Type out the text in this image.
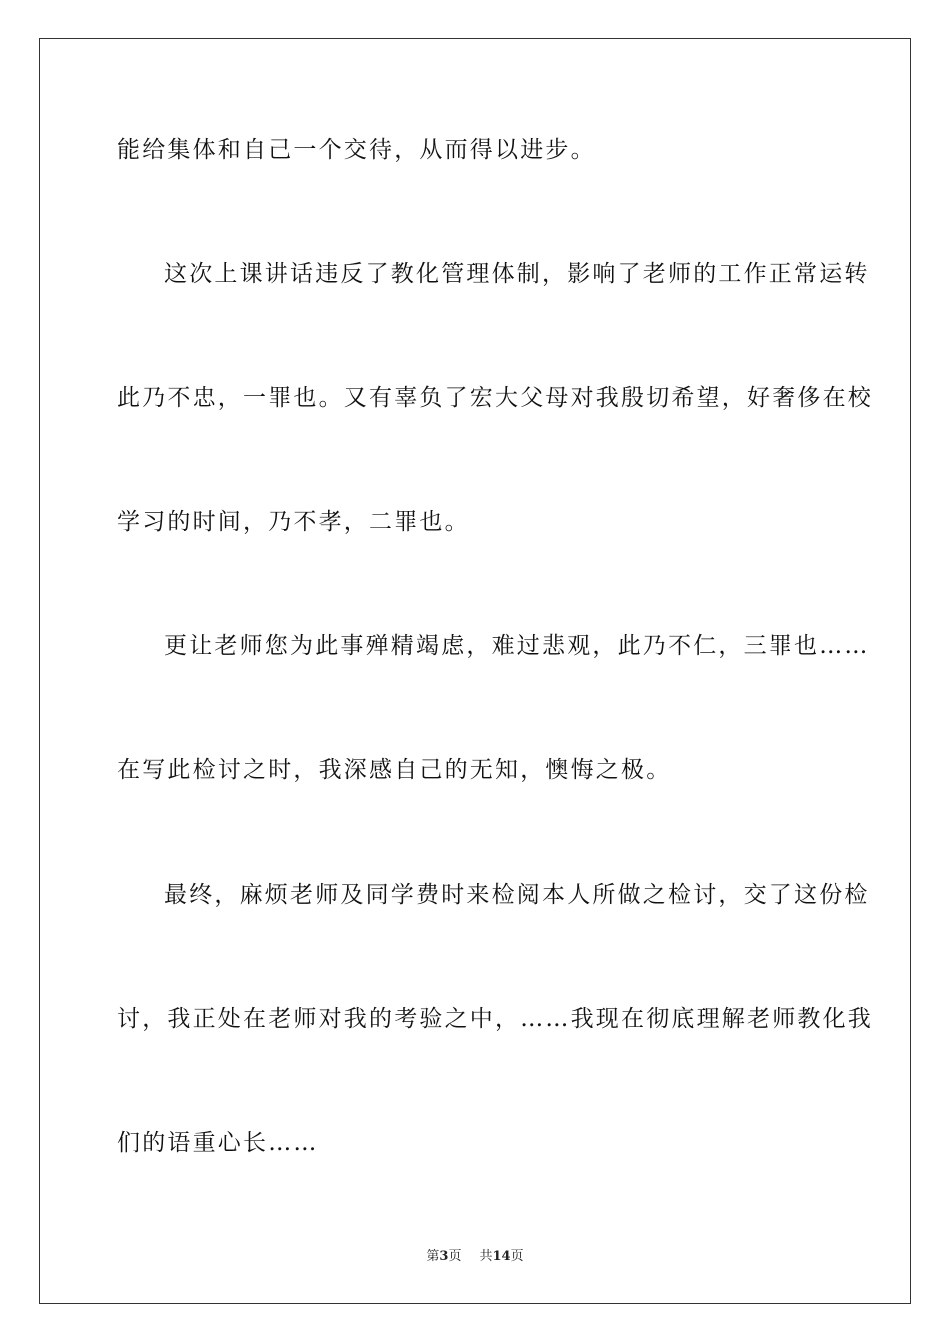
能给集体和自己一个交待，从而得以进步。
这次上课讲话违反了教化管理体制，影响了老师的工作正常运转
此乃不忠，一罪也。又有辜负了宏大父母对我殷切希望，好奢侈在校
学习的时间，乃不孝，二罪也。
更让老师您为此事殚精竭虑，难过悲观，此乃不仁，三罪也……
在写此检讨之时，我深感自己的无知，懊悔之极。
最终，麻烦老师及同学费时来检阅本人所做之检讨，交了这份检
讨，我正处在老师对我的考验之中，……我现在彻底理解老师教化我
们的语重心长……
第3页 共14页
